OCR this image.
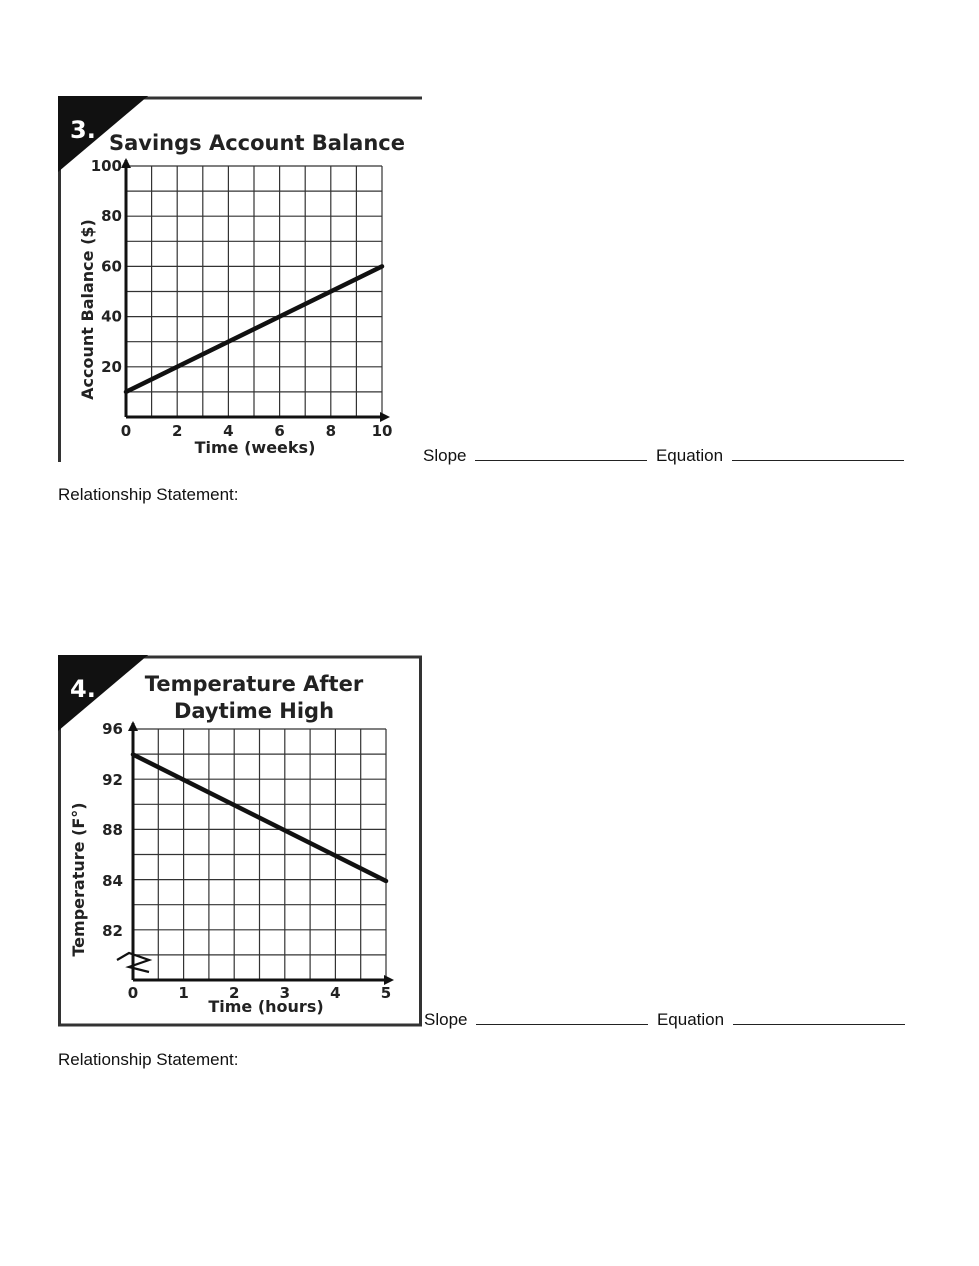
3. Savings Account Balance
0	2	4	6	8 10
20
40
60
80
100
Time (weeks)
Account Balance ($)
Slope	Equation
Relationship Statement:
4. Temperature After
Daytime High
0	1	2	3	4	5
82
84
88
92
96
Time (hours)
Temperature (F°)
Slope	Equation
Relationship Statement:
